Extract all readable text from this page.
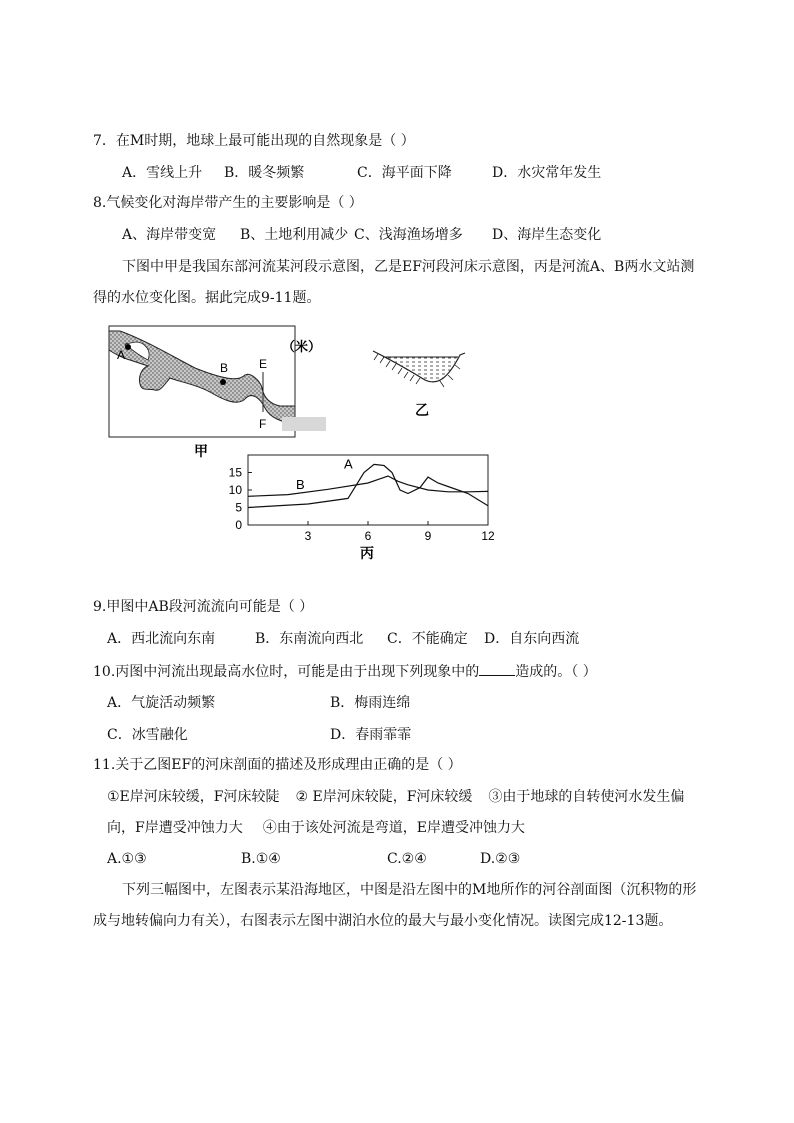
7．在M时期，地球上最可能出现的自然现象是（ ）
A．雪线上升 B．暖冬频繁	C．海平面下降	D．水灾常年发生
8.气候变化对海岸带产生的主要影响是（ ）
A、海岸带变宽 B、土地利用减少 C、浅海渔场增多 D、海岸生态变化
下图中甲是我国东部河流某河段示意图，乙是EF河段河床示意图，丙是河流A、B两水文站测
得的水位变化图。据此完成9-11题。
A
B	E
F
（米）
甲
乙
0
5
10
15
3	6	9	12
A
B
丙
9.甲图中AB段河流流向可能是（ ）
A．西北流向东南	B．东南流向西北 C．不能确定 D．自东向西流
10.丙图中河流出现最高水位时，可能是由于出现下列现象中的	造成的。（ ）
A．气旋活动频繁	B．梅雨连绵
C．冰雪融化	D．春雨霏霏
11.关于乙图EF的河床剖面的描述及形成理由正确的是（ ）
①E岸河床较缓，F河床较陡 ② E岸河床较陡，F河床较缓 ③由于地球的自转使河水发生偏
向，F岸遭受冲蚀力大 ④由于该处河流是弯道，E岸遭受冲蚀力大
A.①③	B.①④	C.②④	D.②③
下列三幅图中，左图表示某沿海地区，中图是沿左图中的M地所作的河谷剖面图（沉积物的形
成与地转偏向力有关），右图表示左图中湖泊水位的最大与最小变化情况。读图完成12-13题。
